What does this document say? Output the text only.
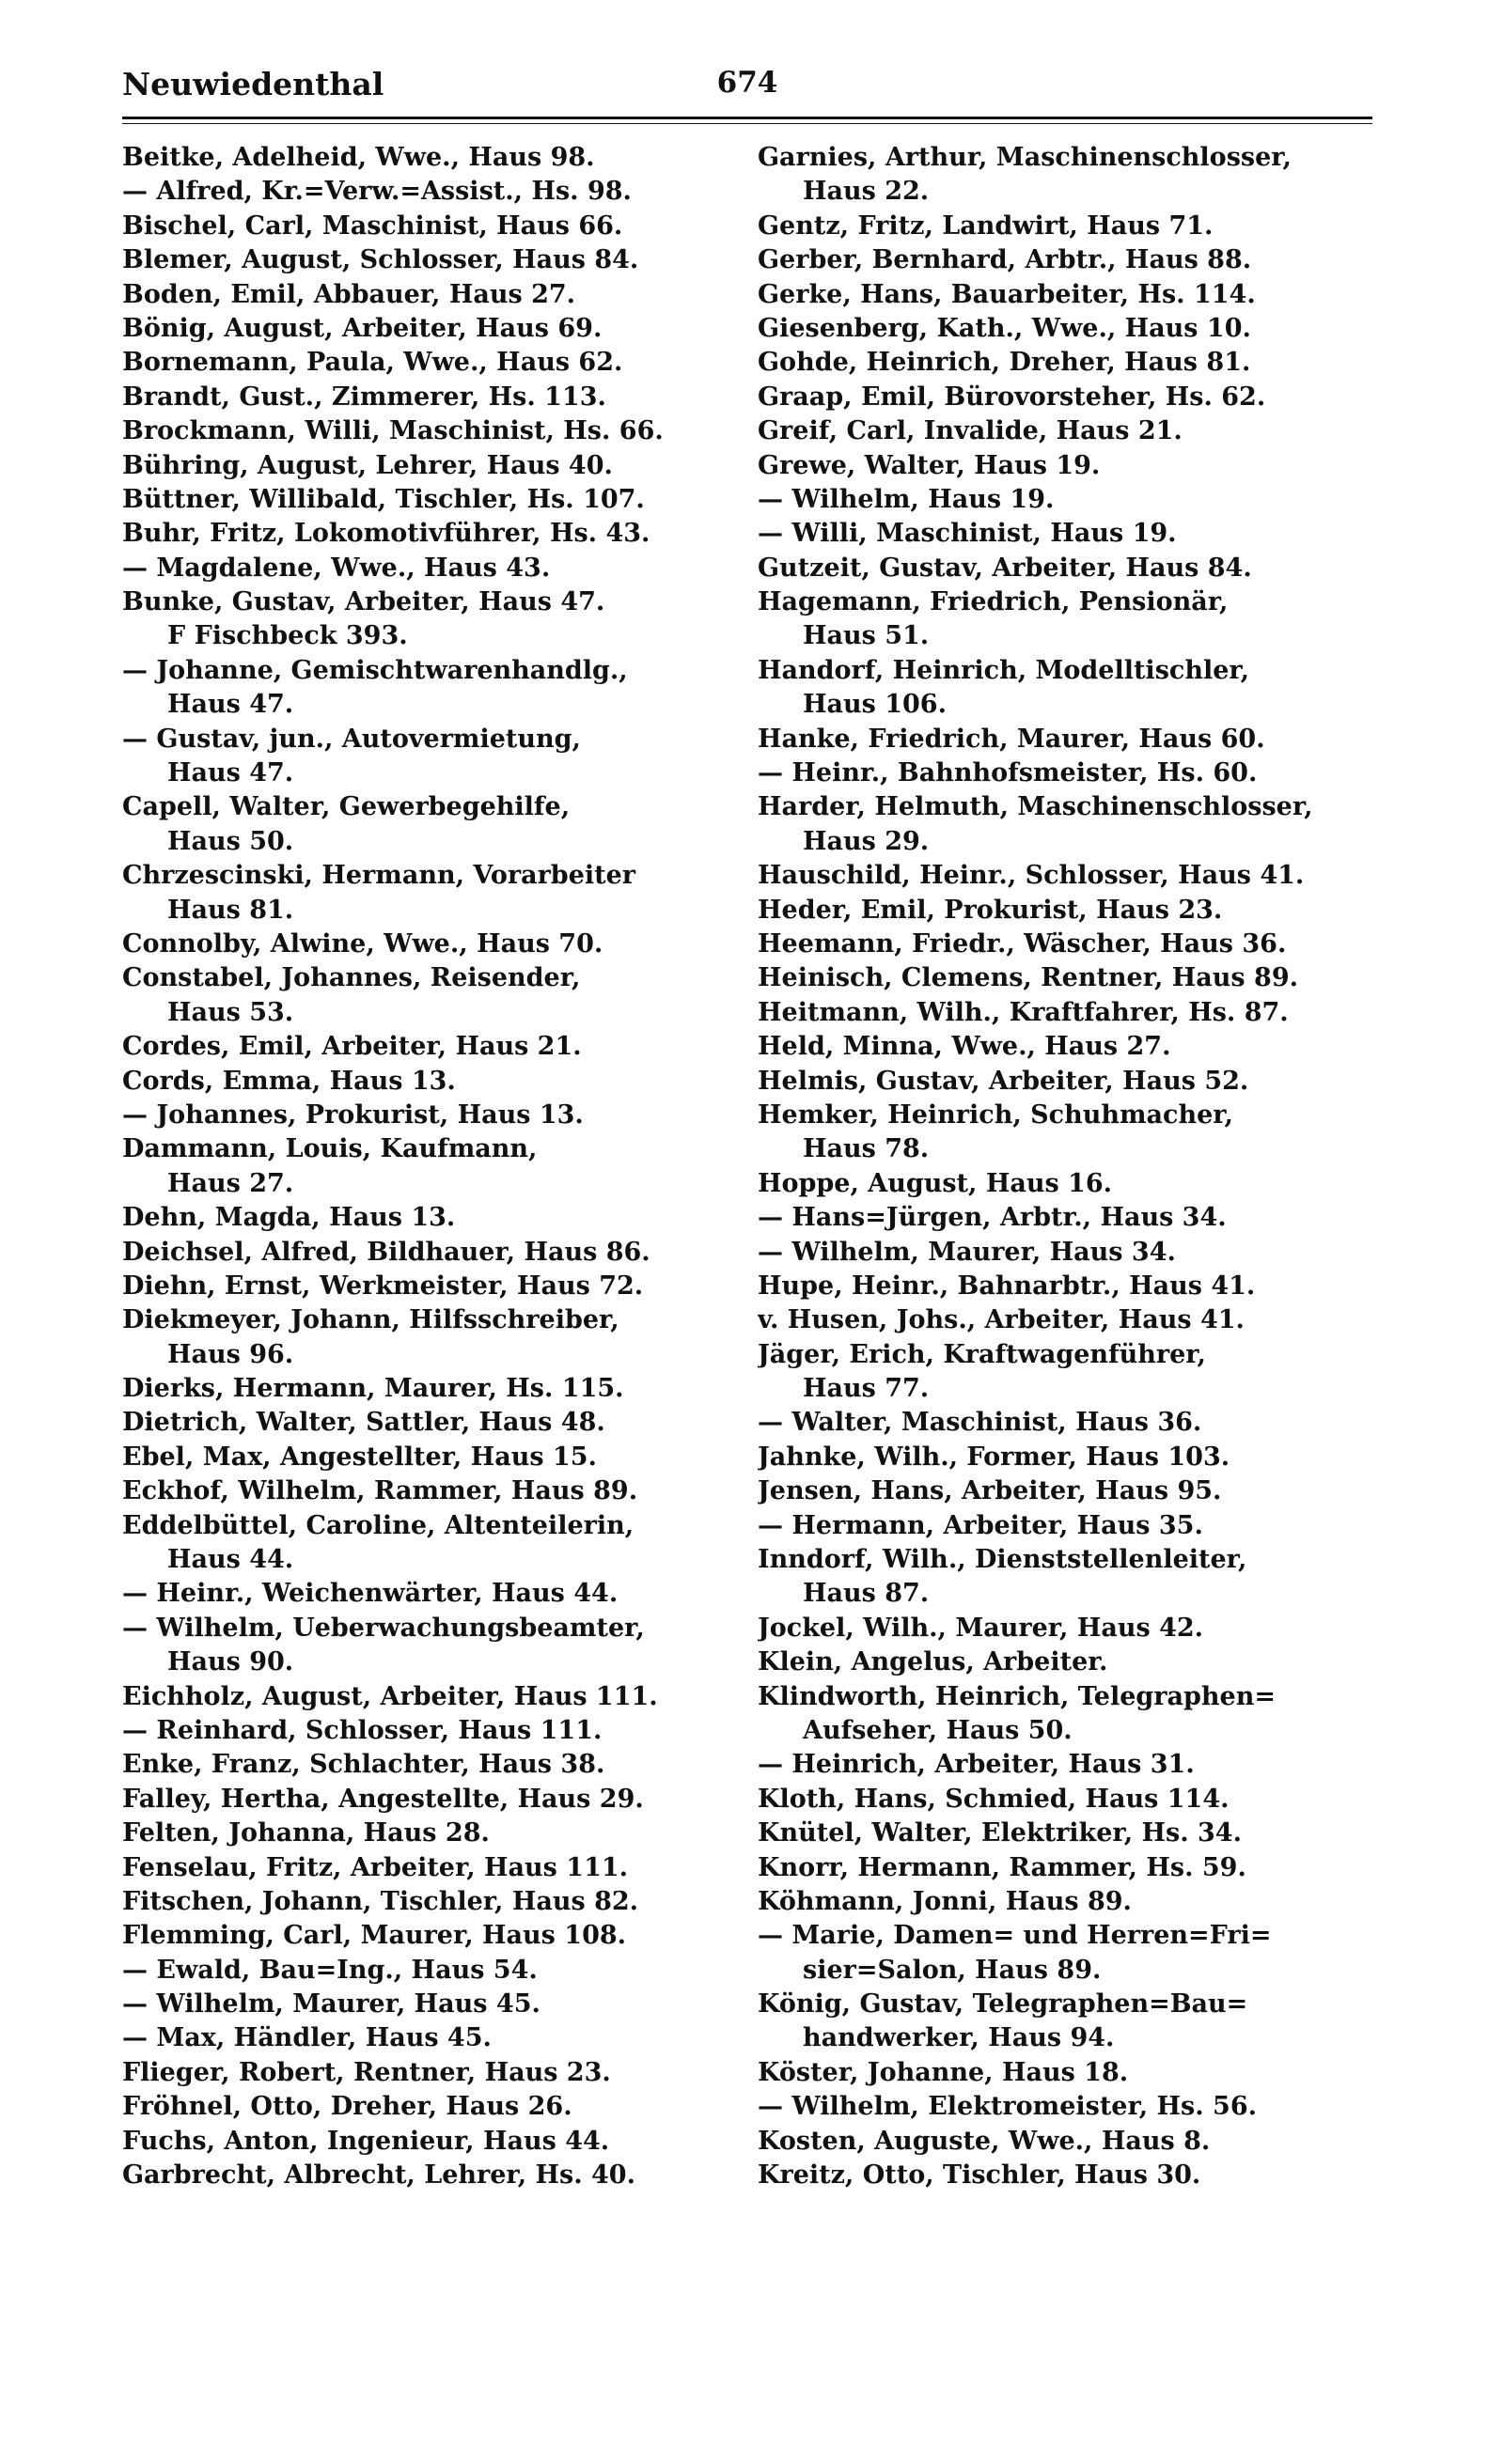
Neuwiedenthal	674
Beitke, Adelheid, Wwe., Haus 98.
— Alfred, Kr.=Verw.=Assist., Hs. 98.
Bischel, Carl, Maschinist, Haus 66.
Blemer, August, Schlosser, Haus 84.
Boden, Emil, Abbauer, Haus 27.
Bönig, August, Arbeiter, Haus 69.
Bornemann, Paula, Wwe., Haus 62.
Brandt, Gust., Zimmerer, Hs. 113.
Brockmann, Willi, Maschinist, Hs. 66.
Bühring, August, Lehrer, Haus 40.
Büttner, Willibald, Tischler, Hs. 107.
Buhr, Fritz, Lokomotivführer, Hs. 43.
— Magdalene, Wwe., Haus 43.
Bunke, Gustav, Arbeiter, Haus 47.
F Fischbeck 393.
— Johanne, Gemischtwarenhandlg.,
Haus 47.
— Gustav, jun., Autovermietung,
Haus 47.
Capell, Walter, Gewerbegehilfe,
Haus 50.
Chrzescinski, Hermann, Vorarbeiter
Haus 81.
Connolby, Alwine, Wwe., Haus 70.
Constabel, Johannes, Reisender,
Haus 53.
Cordes, Emil, Arbeiter, Haus 21.
Cords, Emma, Haus 13.
— Johannes, Prokurist, Haus 13.
Dammann, Louis, Kaufmann,
Haus 27.
Dehn, Magda, Haus 13.
Deichsel, Alfred, Bildhauer, Haus 86.
Diehn, Ernst, Werkmeister, Haus 72.
Diekmeyer, Johann, Hilfsschreiber,
Haus 96.
Dierks, Hermann, Maurer, Hs. 115.
Dietrich, Walter, Sattler, Haus 48.
Ebel, Max, Angestellter, Haus 15.
Eckhof, Wilhelm, Rammer, Haus 89.
Eddelbüttel, Caroline, Altenteilerin,
Haus 44.
— Heinr., Weichenwärter, Haus 44.
— Wilhelm, Ueberwachungsbeamter,
Haus 90.
Eichholz, August, Arbeiter, Haus 111.
— Reinhard, Schlosser, Haus 111.
Enke, Franz, Schlachter, Haus 38.
Falley, Hertha, Angestellte, Haus 29.
Felten, Johanna, Haus 28.
Fenselau, Fritz, Arbeiter, Haus 111.
Fitschen, Johann, Tischler, Haus 82.
Flemming, Carl, Maurer, Haus 108.
— Ewald, Bau=Ing., Haus 54.
— Wilhelm, Maurer, Haus 45.
— Max, Händler, Haus 45.
Flieger, Robert, Rentner, Haus 23.
Fröhnel, Otto, Dreher, Haus 26.
Fuchs, Anton, Ingenieur, Haus 44.
Garbrecht, Albrecht, Lehrer, Hs. 40.
Garnies, Arthur, Maschinenschlosser,
Haus 22.
Gentz, Fritz, Landwirt, Haus 71.
Gerber, Bernhard, Arbtr., Haus 88.
Gerke, Hans, Bauarbeiter, Hs. 114.
Giesenberg, Kath., Wwe., Haus 10.
Gohde, Heinrich, Dreher, Haus 81.
Graap, Emil, Bürovorsteher, Hs. 62.
Greif, Carl, Invalide, Haus 21.
Grewe, Walter, Haus 19.
— Wilhelm, Haus 19.
— Willi, Maschinist, Haus 19.
Gutzeit, Gustav, Arbeiter, Haus 84.
Hagemann, Friedrich, Pensionär,
Haus 51.
Handorf, Heinrich, Modelltischler,
Haus 106.
Hanke, Friedrich, Maurer, Haus 60.
— Heinr., Bahnhofsmeister, Hs. 60.
Harder, Helmuth, Maschinenschlosser,
Haus 29.
Hauschild, Heinr., Schlosser, Haus 41.
Heder, Emil, Prokurist, Haus 23.
Heemann, Friedr., Wäscher, Haus 36.
Heinisch, Clemens, Rentner, Haus 89.
Heitmann, Wilh., Kraftfahrer, Hs. 87.
Held, Minna, Wwe., Haus 27.
Helmis, Gustav, Arbeiter, Haus 52.
Hemker, Heinrich, Schuhmacher,
Haus 78.
Hoppe, August, Haus 16.
— Hans=Jürgen, Arbtr., Haus 34.
— Wilhelm, Maurer, Haus 34.
Hupe, Heinr., Bahnarbtr., Haus 41.
v. Husen, Johs., Arbeiter, Haus 41.
Jäger, Erich, Kraftwagenführer,
Haus 77.
— Walter, Maschinist, Haus 36.
Jahnke, Wilh., Former, Haus 103.
Jensen, Hans, Arbeiter, Haus 95.
— Hermann, Arbeiter, Haus 35.
Inndorf, Wilh., Dienststellenleiter,
Haus 87.
Jockel, Wilh., Maurer, Haus 42.
Klein, Angelus, Arbeiter.
Klindworth, Heinrich, Telegraphen=
Aufseher, Haus 50.
— Heinrich, Arbeiter, Haus 31.
Kloth, Hans, Schmied, Haus 114.
Knütel, Walter, Elektriker, Hs. 34.
Knorr, Hermann, Rammer, Hs. 59.
Köhmann, Jonni, Haus 89.
— Marie, Damen= und Herren=Fri=
sier=Salon, Haus 89.
König, Gustav, Telegraphen=Bau=
handwerker, Haus 94.
Köster, Johanne, Haus 18.
— Wilhelm, Elektromeister, Hs. 56.
Kosten, Auguste, Wwe., Haus 8.
Kreitz, Otto, Tischler, Haus 30.
